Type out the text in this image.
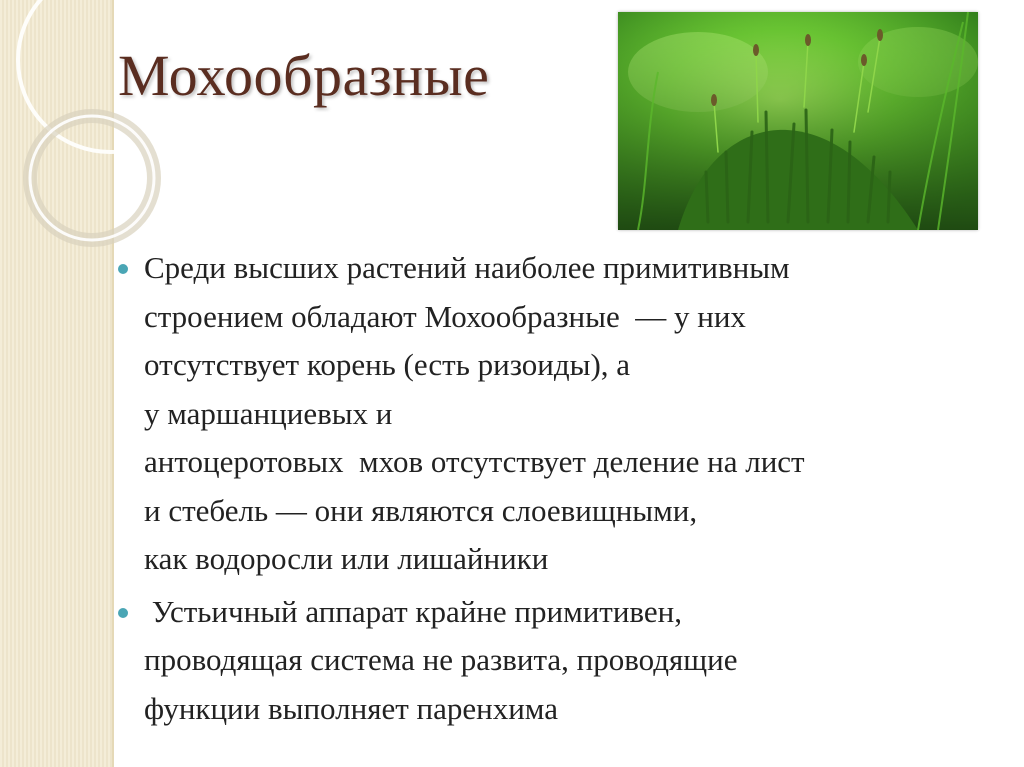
Мохообразные
Среди высших растений наиболее примитивным
строением обладают Мохообразные  — у них
отсутствует корень (есть ризоиды), а
у маршанциевых и
антоцеротовых  мхов отсутствует деление на лист
и стебель — они являются слоевищными,
как водоросли или лишайники
Устьичный аппарат крайне примитивен,
проводящая система не развита, проводящие
функции выполняет паренхима
